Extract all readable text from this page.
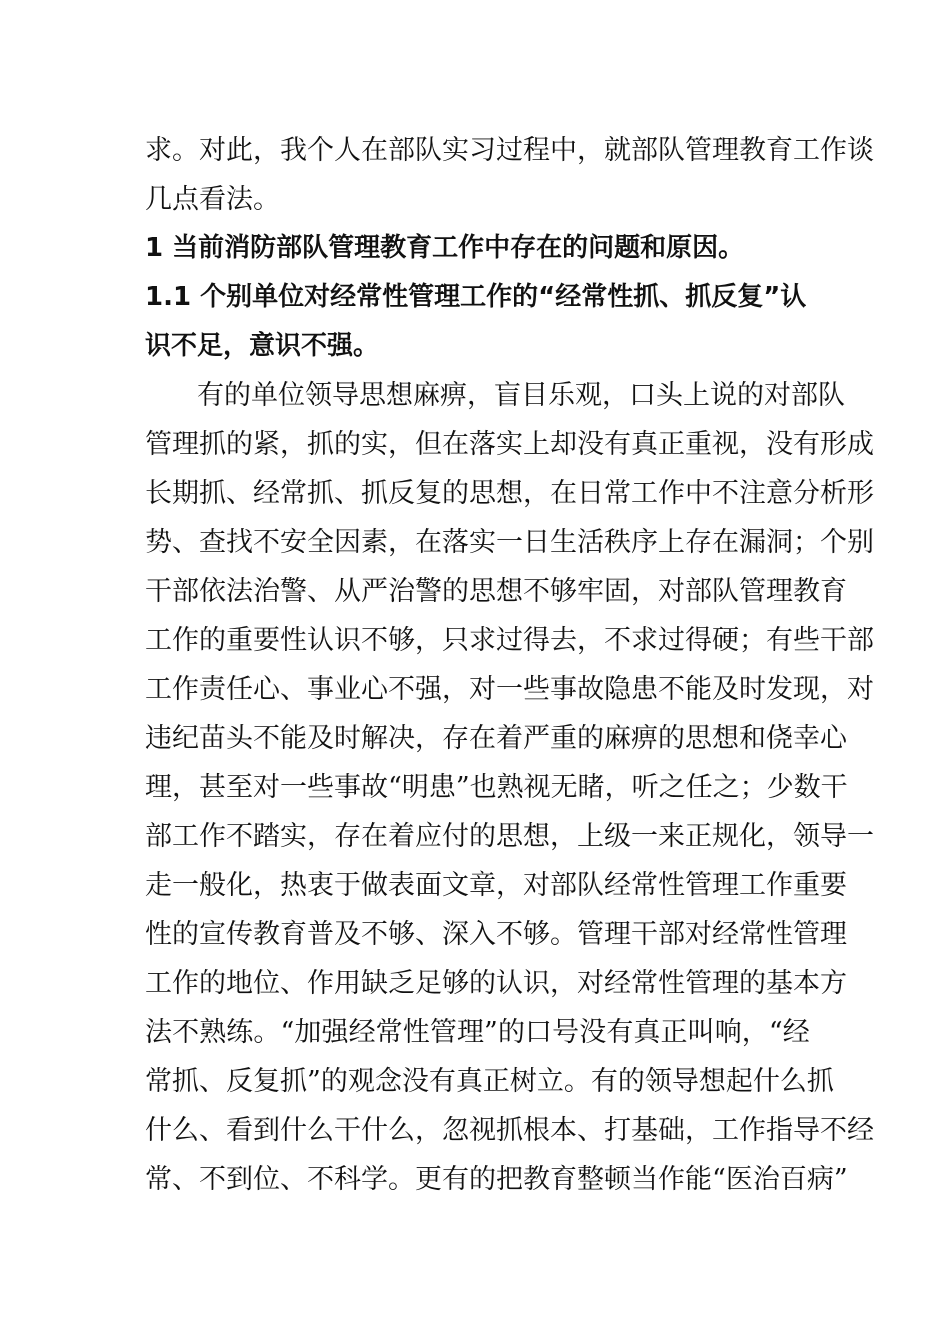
求 。 对 此 ， 我 个 人 在 部 队 实 习 过 程 中 ， 就 部 队 管 理 教 育 工 作 谈
几点看法。
1 当前消防部队管理教育工作中存在的问题和原因。
1.1 个别单位对经常性管理工作的“经常性抓、抓反复”认
识不足，意识不强。
有 的 单 位 领 导 思 想 麻 痹 ， 盲 目 乐 观 ， 口 头 上 说 的 对 部 队
管 理 抓 的 紧 ， 抓 的 实 ， 但 在 落 实 上 却 没 有 真 正 重 视 ， 没 有 形 成
长 期 抓 、 经 常 抓 、 抓 反 复 的 思 想 ， 在 日 常 工 作 中 不 注 意 分 析 形
势 、 查 找 不 安 全 因 素 ， 在 落 实 一 日 生 活 秩 序 上 存 在 漏 洞 ； 个 别
干 部 依 法 治 警 、 从 严 治 警 的 思 想 不 够 牢 固 ， 对 部 队 管 理 教 育
工 作 的 重 要 性 认 识 不 够 ， 只 求 过 得 去 ， 不 求 过 得 硬 ； 有 些 干 部
工 作 责 任 心 、 事 业 心 不 强 ， 对 一 些 事 故 隐 患 不 能 及 时 发 现 ， 对
违 纪 苗 头 不 能 及 时 解 决 ， 存 在 着 严 重 的 麻 痹 的 思 想 和 侥 幸 心
理 ， 甚 至 对 一 些 事 故 “ 明 患 ” 也 熟 视 无 睹 ， 听 之 任 之 ； 少 数 干
部 工 作 不 踏 实 ， 存 在 着 应 付 的 思 想 ， 上 级 一 来 正 规 化 ， 领 导 一
走 一 般 化 ， 热 衷 于 做 表 面 文 章 ， 对 部 队 经 常 性 管 理 工 作 重 要
性 的 宣 传 教 育 普 及 不 够 、 深 入 不 够 。 管 理 干 部 对 经 常 性 管 理
工 作 的 地 位 、 作 用 缺 乏 足 够 的 认 识 ， 对 经 常 性 管 理 的 基 本 方
法 不 熟 练 。 “ 加 强 经 常 性 管 理 ” 的 口 号 没 有 真 正 叫 响 ， “ 经
常 抓 、 反 复 抓 ” 的 观 念 没 有 真 正 树 立 。 有 的 领 导 想 起 什 么 抓
什 么 、 看 到 什 么 干 什 么 ， 忽 视 抓 根 本 、 打 基 础 ， 工 作 指 导 不 经
常 、 不 到 位 、 不 科 学 。 更 有 的 把 教 育 整 顿 当 作 能 “ 医 治 百 病 ”
